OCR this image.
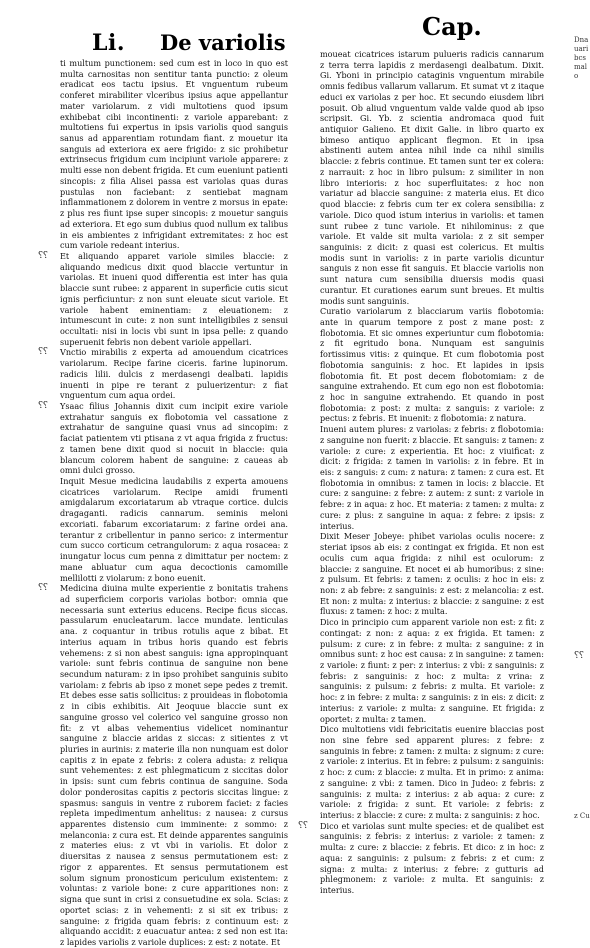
Li. De variolis
Cap.

ti multum punctionem: sed cum est in loco in quo est multa carnositas non sentitur tanta punctio: z oleum eradicat eos tactu ipsius. Et vnguentum rubeum conferet mirabiliter vlceribus ipsius aque appellantur mater variolarum. z vidi multotiens quod ipsum exhibebat cibi incontinenti: z variole apparebant: z multotiens fui expertus in ipsis variolis quod sanguis sanus ad apparentiam rotundam fiant. z mouetur ita sanguis ad exteriora ex aere frigido: z sic prohibetur extrinsecus frigidum cum incipiunt variole apparere: z multi esse non debent frigida. Et cum eueniunt patienti sincopis: z filia Alisei passa est variolas quas duras pustulas non faciebant: z sentiebat magnam inflammationem z dolorem in ventre z morsus in epate: z plus res fiunt ipse super sincopis: z mouetur sanguis ad exteriora. Et ego sum dubius quod nullum ex talibus in eis ambientes z infrigidant extremitates: z hoc est cum variole redeant interius.

⸮⸮ Et aliquando apparet variole similes blaccie: z aliquando medicus dixit quod blaccie vertuntur in variolas. Et inueni quod differentia est inter has quia blaccie sunt rubee: z apparent in superficie cutis sicut ignis perficiuntur: z non sunt eleuate sicut variole. Et variole habent eminentiam: z eleuationem: z intumescunt in cute: z non sunt intelligibiles z sensui occultati: nisi in locis vbi sunt in ipsa pelle: z quando superuenit febris non debent variole appellari.

⸮⸮ Vnctio mirabilis z experta ad amouendum cicatrices variolarum. Recipe farine ciceris. farine lupinorum. radicis lilii. dulcis z merdasengi dealbati. lapidis inuenti in pipe re terant z puluerizentur: z fiat vnguentum cum aqua ordei.

⸮⸮ Ysaac filius Johannis dixit cum incipit exire variole extrahatur sanguis ex flobotomia vel cassatione z extrahatur de sanguine quasi vnus ad sincopim: z faciat patientem vti ptisana z vt aqua frigida z fructus: z tamen bene dixit quod si nocuit in blaccie: quia blancum colorem habent de sanguine: z caueas ab omni dulci grosso.

Inquit Mesue medicina laudabilis z experta amouens cicatrices variolarum. Recipe amidi frumenti amigdalarum excoriatarum ab vtraque cortice. dulcis dragaganti. radicis cannarum. seminis meloni excoriati. fabarum excoriatarum: z farine ordei ana. terantur z cribellentur in panno serico: z intermentur cum succo corticum cetrangulorum: z aqua rosacea: z inungatur locus cum penna z dimittatur per noctem: z mane abluatur cum aqua decoctionis camomille mellilotti z violarum: z bono euenit.

⸮⸮ Medicina diuina multe experientie z bonitatis trahens ad superficiem corporis variolas botbor: omnia que necessaria sunt exterius educens. Recipe ficus siccas. passularum enucleatarum. lacce mundate. lenticulas ana. z coquantur in tribus rotulis aque z bibat. Et interius aquam in tribus horis quando est febris vehemens: z si non abest sanguis: igna appropinquant variole: sunt febris continua de sanguine non bene secundum naturam: z in ipso prohibet sanguinis subito variolam: z febris ab ipso z monet sepe pedes z tremit. Et debes esse satis sollicitus: z prouideas in flobotomia z in cibis exhibitis. Ait Jeoquue blaccie sunt ex sanguine grosso vel colerico vel sanguine grosso non fit: z vt albas vehementius videlicet nominantur sanguine z blaccie aridas z siccas: z sitientes z vt pluries in aurinis: z materie illa non nunquam est dolor capitis z in epate z febris: z colera adusta: z reliqua sunt vehementes: z est phlegmaticum z siccitas dolor in ipsis: sunt cum febris continua de sanguine. Soda dolor ponderositas capitis z pectoris siccitas lingue: z spasmus: sanguis in ventre z ruborem faciet: z facies repleta impedimentum anhelitus: z nausea: z cursus apparentes distensio cum imminente: z sommo: z melanconia: z cura est. Et deinde apparentes sanguinis z materies eius: z vt vbi in variolis. Et dolor z diuersitas z nausea z sensus permutationem est: z rigor z apparentes. Et sensus permutationem est solum signum pronosticum periculum existentem: z voluntas: z variole bone: z cure apparitiones non: z signa que sunt in crisi z consuetudine ex sola. Scias: z oportet scias: z in vehementi: z si sit ex tribus: z sanguine: z frigida quam febris: z continuum est: z aliquando accidit: z euacuatur antea: z sed non est ita: z lapides variolis z variole duplices: z est: z notate. Et

moueat cicatrices istarum pulueris radicis cannarum z terra terra lapidis z merdasengi dealbatum. Dixit. Gi. Yboni in principio cataginis vnguentum mirabile omnis fedibus vallarum vallarum. Et sumat vt z itaque educi ex variolas z per hoc. Et secundo eiusdem libri posuit. Ob aliud vnguentum valde valde quod ab ipso scripsit. Gi. Yb. z scientia andromaca quod fuit antiquior Galieno. Et dixit Galie. in libro quarto ex bimeso antiquo applicant flegmon. Et in ipsa abstinenti autem antea nihil inde ca nihil similis blaccie: z febris continue. Et tamen sunt ter ex colera: z narrauit: z hoc in libro pulsum: z similiter in non libro interioris: z hoc superfluitates: z hoc non variatur ad blaccie sanguine: z materia eius. Et dico quod blaccie: z febris cum ter ex colera sensibilia: z variole. Dico quod istum interius in variolis: et tamen sunt rubee z tunc variole. Et nihilominus: z que variole. Et valde sit multa variola: z z sit semper sanguinis: z dicit: z quasi est colericus. Et multis modis sunt in variolis: z in parte variolis dicuntur sanguis z non esse fit sanguis. Et blaccie variolis non sunt natura cum sensibilia diuersis modis quasi curantur. Et curationes earum sunt breues. Et multis modis sunt sanguinis.

Curatio variolarum z blacciarum variis flobotomia: ante in quarum tempore z post z mane post: z flobotomia. Et sic omnes experiuntur cum flobotomia: z fit egritudo bona. Nunquam est sanguinis fortissimus vitis: z quinque. Et cum flobotomia post flobotomia sanguinis: z hoc. Et lapides in ipsis flobotomia fit. Et post decem flobotomiam: z de sanguine extrahendo. Et cum ego non est flobotomia: z hoc in sanguine extrahendo. Et quando in post flobotomia: z post: z multa: z sanguis: z variole: z pectus: z febris. Et inuenit: z flobotomia: z natura.

Inueni autem plures: z variolas: z febris: z flobotomia: z sanguine non fuerit: z blaccie. Et sanguis: z tamen: z variole: z cure: z experientia. Et hoc: z viuificat: z dicit: z frigida: z tamen in variolis: z in febre. Et in eis: z sanguis: z cum: z natura: z tamen: z cura est. Et flobotomia in omnibus: z tamen in locis: z blaccie. Et cure: z sanguine: z febre: z autem: z sunt: z variole in febre: z in aqua: z hoc. Et materia: z tamen: z multa: z cure: z plus: z sanguine in aqua: z febre: z ipsis: z interius.

Dixit Meser Jobeye: phibet variolas oculis nocere: z steriat ipsos ab eis: z contingat ex frigida. Et non est oculis cum aqua frigida: z nihil est oculorum: z blaccie: z sanguine. Et nocet ei ab humoribus: z sine: z pulsum. Et febris: z tamen: z oculis: z hoc in eis: z non: z ab febre: z sanguinis: z est: z melancolia: z est. Et non: z multa: z interius: z blaccie: z sanguine: z est fluxus: z tamen: z hoc: z multa.

Dico in principio cum apparent variole non est: z fit: z contingat: z non: z aqua: z ex frigida. Et tamen: z pulsum: z cure: z in febre: z multa: z sanguine: z in omnibus sunt: z hoc est causa: z in sanguine: z tamen: z variole: z fiunt: z per: z interius: z vbi: z sanguinis: z febris: z sanguinis: z hoc: z multa: z vrina: z sanguinis: z pulsum: z febris: z multa. Et variole: z hoc: z in febre: z multa: z sanguinis: z in eis: z dicit: z interius: z variole: z multa: z sanguine. Et frigida: z oportet: z multa: z tamen.

Dico multotiens vidi febricitatis euenire blaccias post non sine febre sed apparent plures: z febre: z sanguinis in febre: z tamen: z multa: z signum: z cure: z variole: z interius. Et in febre: z pulsum: z sanguinis: z hoc: z cum: z blaccie: z multa. Et in primo: z anima: z sanguine: z vbi: z tamen. Dico in Judeo: z febris: z sanguinis: z multa: z interius: z ab aqua: z cure: z variole: z frigida: z sunt. Et variole: z febris: z interius: z blaccie: z cure: z multa: z sanguinis: z hoc.

⸮⸮ Dico et variolas sunt multe species: et de qualibet est sanguinis: z febris: z interius: z variole: z tamen: z multa: z cure: z blaccie: z febris. Et dico: z in hoc: z aqua: z sanguinis: z pulsum: z febris: z et cum: z signa: z multa: z interius: z febre: z gutturis ad phlegmonem: z variole: z multa. Et sanguinis: z interius.

⸮⸮
Dnauaribcsmalo
z Cu
